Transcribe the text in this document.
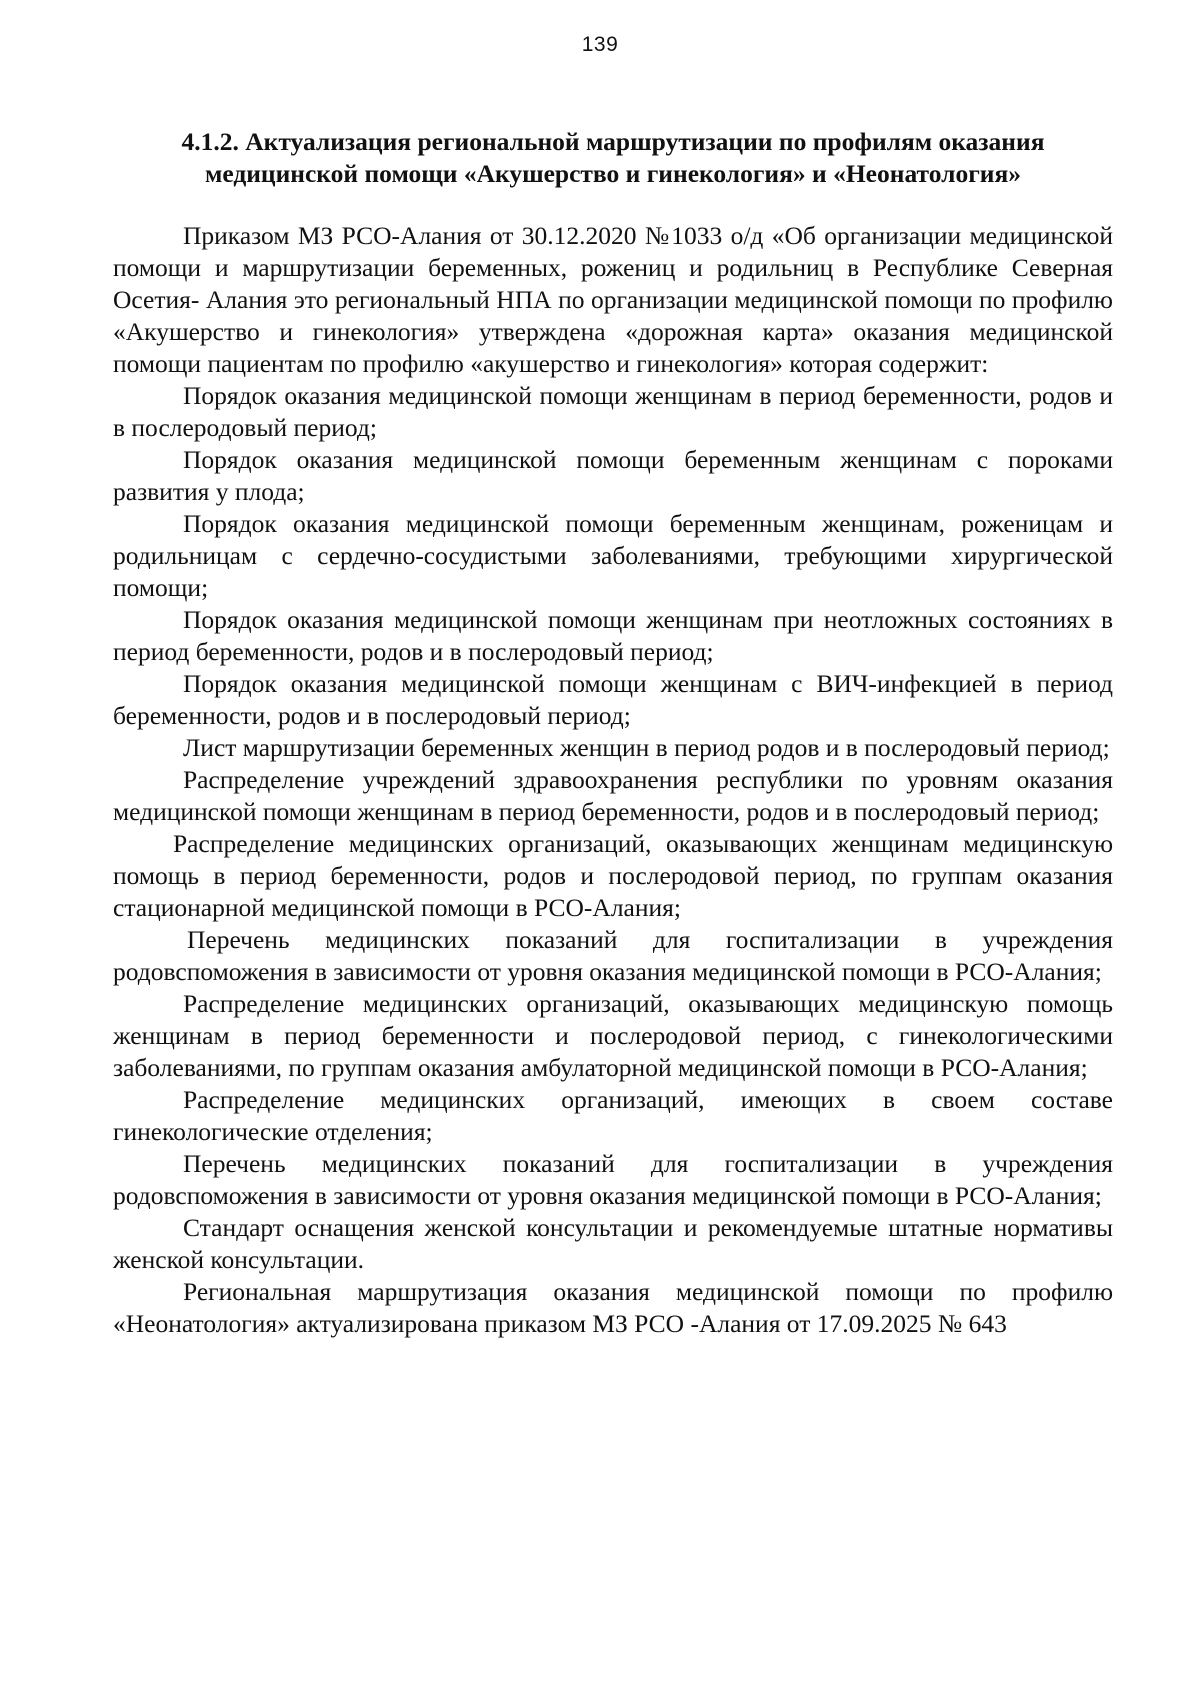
139
4.1.2. Актуализация региональной маршрутизации по профилям оказания
медицинской помощи «Акушерство и гинекология» и «Неонатология»

Приказом МЗ РСО-Алания от 30.12.2020 №1033 о/д «Об организации медицинской помощи и маршрутизации беременных, рожениц и родильниц в Республике Северная Осетия- Алания это региональный НПА по организации медицинской помощи по профилю «Акушерство и гинекология» утверждена «дорожная карта» оказания медицинской помощи пациентам по профилю «акушерство и гинекология» которая содержит:

Порядок оказания медицинской помощи женщинам в период беременности, родов и в послеродовый период;

Порядок оказания медицинской помощи беременным женщинам с пороками развития у плода;

Порядок оказания медицинской помощи беременным женщинам, роженицам и родильницам с сердечно-сосудистыми заболеваниями, требующими хирургической помощи;

Порядок оказания медицинской помощи женщинам при неотложных состояниях в период беременности, родов и в послеродовый период;

Порядок оказания медицинской помощи женщинам с ВИЧ-инфекцией в период беременности, родов и в послеродовый период;

Лист маршрутизации беременных женщин в период родов и в послеродовый период;

Распределение учреждений здравоохранения республики по уровням оказания медицинской помощи женщинам в период беременности, родов и в послеродовый период;

Распределение медицинских организаций, оказывающих женщинам медицинскую помощь в период беременности, родов и послеродовой период, по группам оказания стационарной медицинской помощи в РСО-Алания;

Перечень медицинских показаний для госпитализации в учреждения родовспоможения в зависимости от уровня оказания медицинской помощи в РСО-Алания;

Распределение медицинских организаций, оказывающих медицинскую помощь женщинам в период беременности и послеродовой период, с гинекологическими заболеваниями, по группам оказания амбулаторной медицинской помощи в РСО-Алания;

Распределение медицинских организаций, имеющих в своем составе гинекологические отделения;

Перечень медицинских показаний для госпитализации в учреждения родовспоможения в зависимости от уровня оказания медицинской помощи в РСО-Алания;

Стандарт оснащения женской консультации и рекомендуемые штатные нормативы женской консультации.

Региональная маршрутизация оказания медицинской помощи по профилю «Неонатология» актуализирована приказом МЗ РСО -Алания от 17.09.2025 № 643
